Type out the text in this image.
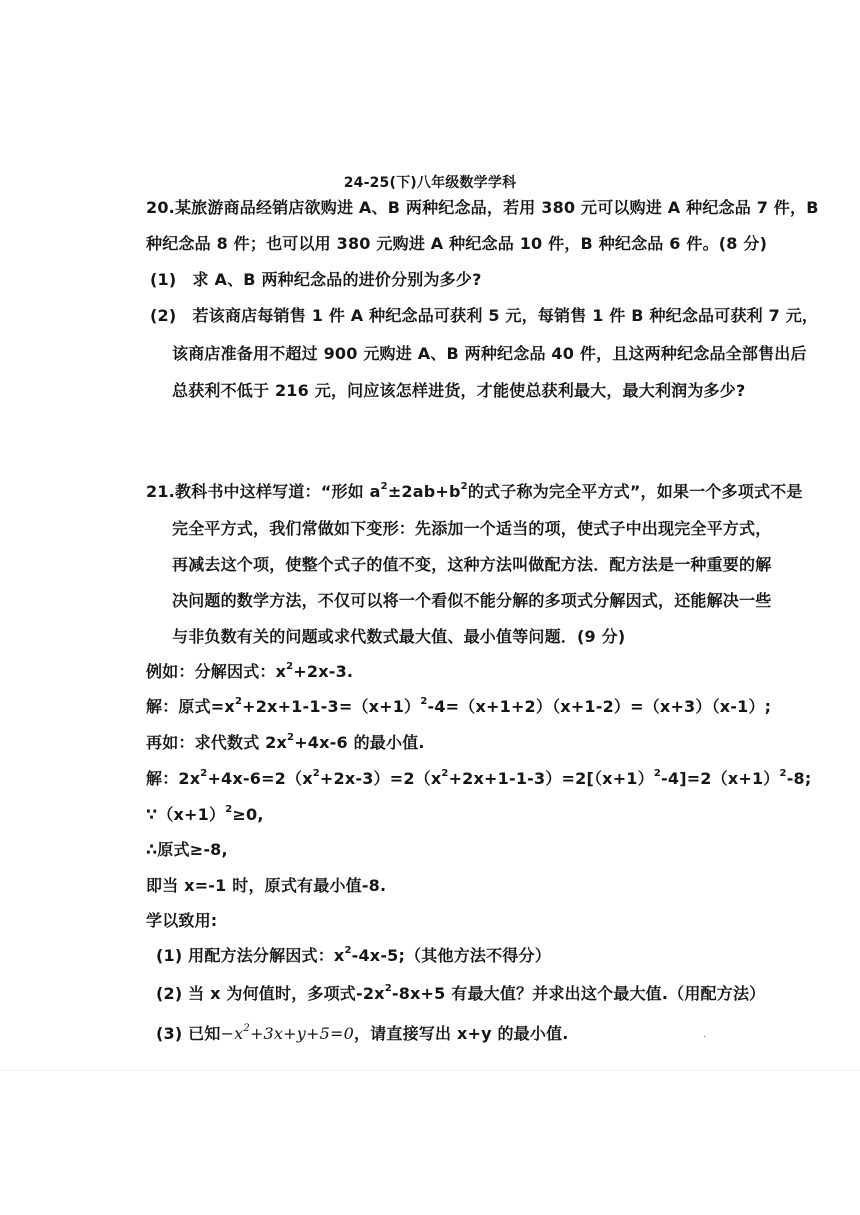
24-25(下)八年级数学学科
20.某旅游商品经销店欲购进 A、B 两种纪念品，若用 380 元可以购进 A 种纪念品 7 件，B
种纪念品 8 件；也可以用 380 元购进 A 种纪念品 10 件，B 种纪念品 6 件。(8 分)
(1)　求 A、B 两种纪念品的进价分别为多少?
(2)　若该商店每销售 1 件 A 种纪念品可获利 5 元，每销售 1 件 B 种纪念品可获利 7 元，
该商店准备用不超过 900 元购进 A、B 两种纪念品 40 件，且这两种纪念品全部售出后
总获利不低于 216 元，问应该怎样进货，才能使总获利最大，最大利润为多少?
21.教科书中这样写道：“形如 $a^2\pm 2ab+b^2$的式子称为完全平方式”，如果一个多项式不是
完全平方式，我们常做如下变形：先添加一个适当的项，使式子中出现完全平方式，
再减去这个项，使整个式子的值不变，这种方法叫做配方法．配方法是一种重要的解
决问题的数学方法，不仅可以将一个看似不能分解的多项式分解因式，还能解决一些
与非负数有关的问题或求代数式最大值、最小值等问题．(9 分)
例如：分解因式：$x^2+2x-3$.
解：原式$=x^2+2x+1-1-3=(x+1)^2-4=(x+1+2)(x+1-2)=(x+3)(x-1)$;
再如：求代数式 $2x^2+4x-6$ 的最小值.
解：$2x^2+4x-6=2(x^2+2x-3)=2(x^2+2x+1-1-3)=2[(x+1)^2-4]=2(x+1)^2-8$;
$\because(x+1)^2\ge 0$,
∴原式≥-8,
即当 x=-1 时，原式有最小值-8.
学以致用:
(1) 用配方法分解因式：$x^2-4x-5$;（其他方法不得分）
(2) 当 x 为何值时，多项式$-2x^2-8x+5$ 有最大值？并求出这个最大值.（用配方法）
(3) 已知$-x^2+3x+y+5=0$，请直接写出 x+y 的最小值.	·
